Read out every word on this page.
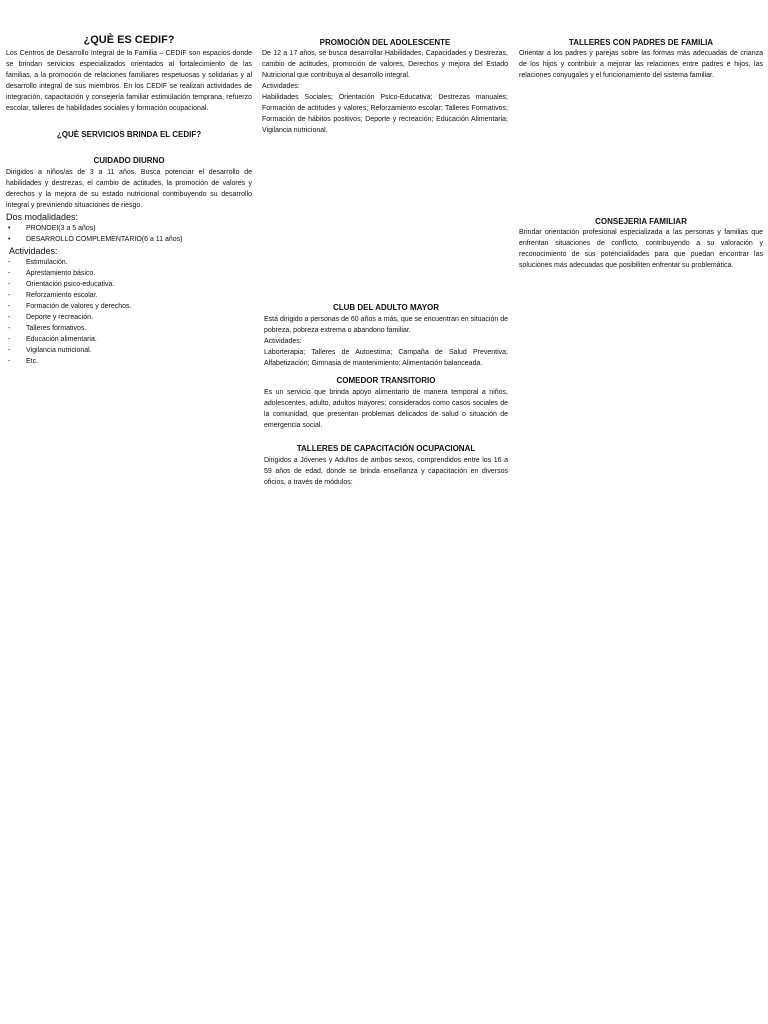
¿QUÈ ES CEDIF?

Los Centros de Desarrollo Integral de la Familia – CEDIF son espacios donde se brindan servicios especializados orientados al fortalecimiento de las familias, a la promoción de relaciones familiares respetuosas y solidarias y al desarrollo integral de sus miembros. En los CEDIF se realizan actividades de integración, capacitación y consejería familiar estimulación temprana, refuerzo escolar, talleres de habilidades sociales y formación ocupacional.

¿QUÈ SERVICIOS BRINDA EL CEDIF?
CUIDADO DIURNO

Dirigidos a niños/as de 3 a 11 años. Busca potenciar el desarrollo de habilidades y destrezas, el cambio de actitudes, la promoción de valores y derechos y la mejora de su estado nutricional contribuyendo su desarrollo integral y previniendo situaciones de riesgo.

Dos modalidades:

• PRONOEI(3 a 5 años)
• DESARROLLO COMPLEMENTARIO(6 a 11 años)

Actividades:

- Estimulación.
- Aprestamiento básico.
- Orientación psico-educativa.
- Reforzamiento escolar.
- Formación de valores y derechos.
- Deporte y recreación.
- Talleres formativos.
- Educación alimentaria.
- Vigilancia nutricional.
- Etc.
PROMOCIÒN DEL ADOLESCENTE

De 12 a 17 años, se busca desarrollar Habilidades, Capacidades y Destrezas, cambio de actitudes, promoción de valores, Derechos y mejora del Estado Nutricional que contribuya al desarrollo integral.

Actividades:

Habilidades Sociales; Orientación Psico-Educativa; Destrezas manuales; Formación de actitudes y valores; Reforzamiento escolar; Talleres Formativos; Formación de hábitos positivos; Deporte y recreación; Educación Alimentaria; Vigilancia nutricional.

CLUB DEL ADULTO MAYOR

Está dirigido a personas de 60 años a más, que se encuentran en situación de pobreza, pobreza extrema o abandono familiar.

Actividades:

Laborterapia; Talleres de Autoestima; Campaña de Salud Preventiva; Alfabetización; Gimnasia de mantenimiento; Alimentación balanceada.

COMEDOR TRANSITORIO

Es un servicio que brinda apoyo alimentario de manera temporal a niños, adolescentes, adulto, adultos mayores; considerados como casos sociales de la comunidad, que presentan problemas delicados de salud o situación de emergencia social.

TALLERES DE CAPACITACIÓN OCUPACIONAL

Dirigidos a Jóvenes y Adultos de ambos sexos, comprendidos entre los 16 a 59 años de edad, donde se brinda enseñanza y capacitación en diversos oficios, a través de módulos:

TALLERES CON PADRES DE FAMILIA

Orientar a los padres y parejas sobre las formas más adecuadas de crianza de los hijos y contribuir a mejorar las relaciones entre padres e hijos, las relaciones conyugales y el funcionamiento del sistema familiar.

CONSEJERIA FAMILIAR

Brindar orientación profesional especializada a las personas y familias que enfrentan situaciones de conflicto, contribuyendo a su valoración y reconocimiento de sus potencialidades para que puedan encontrar las soluciones más adecuadas que posibiliten enfrentar su problemática.
